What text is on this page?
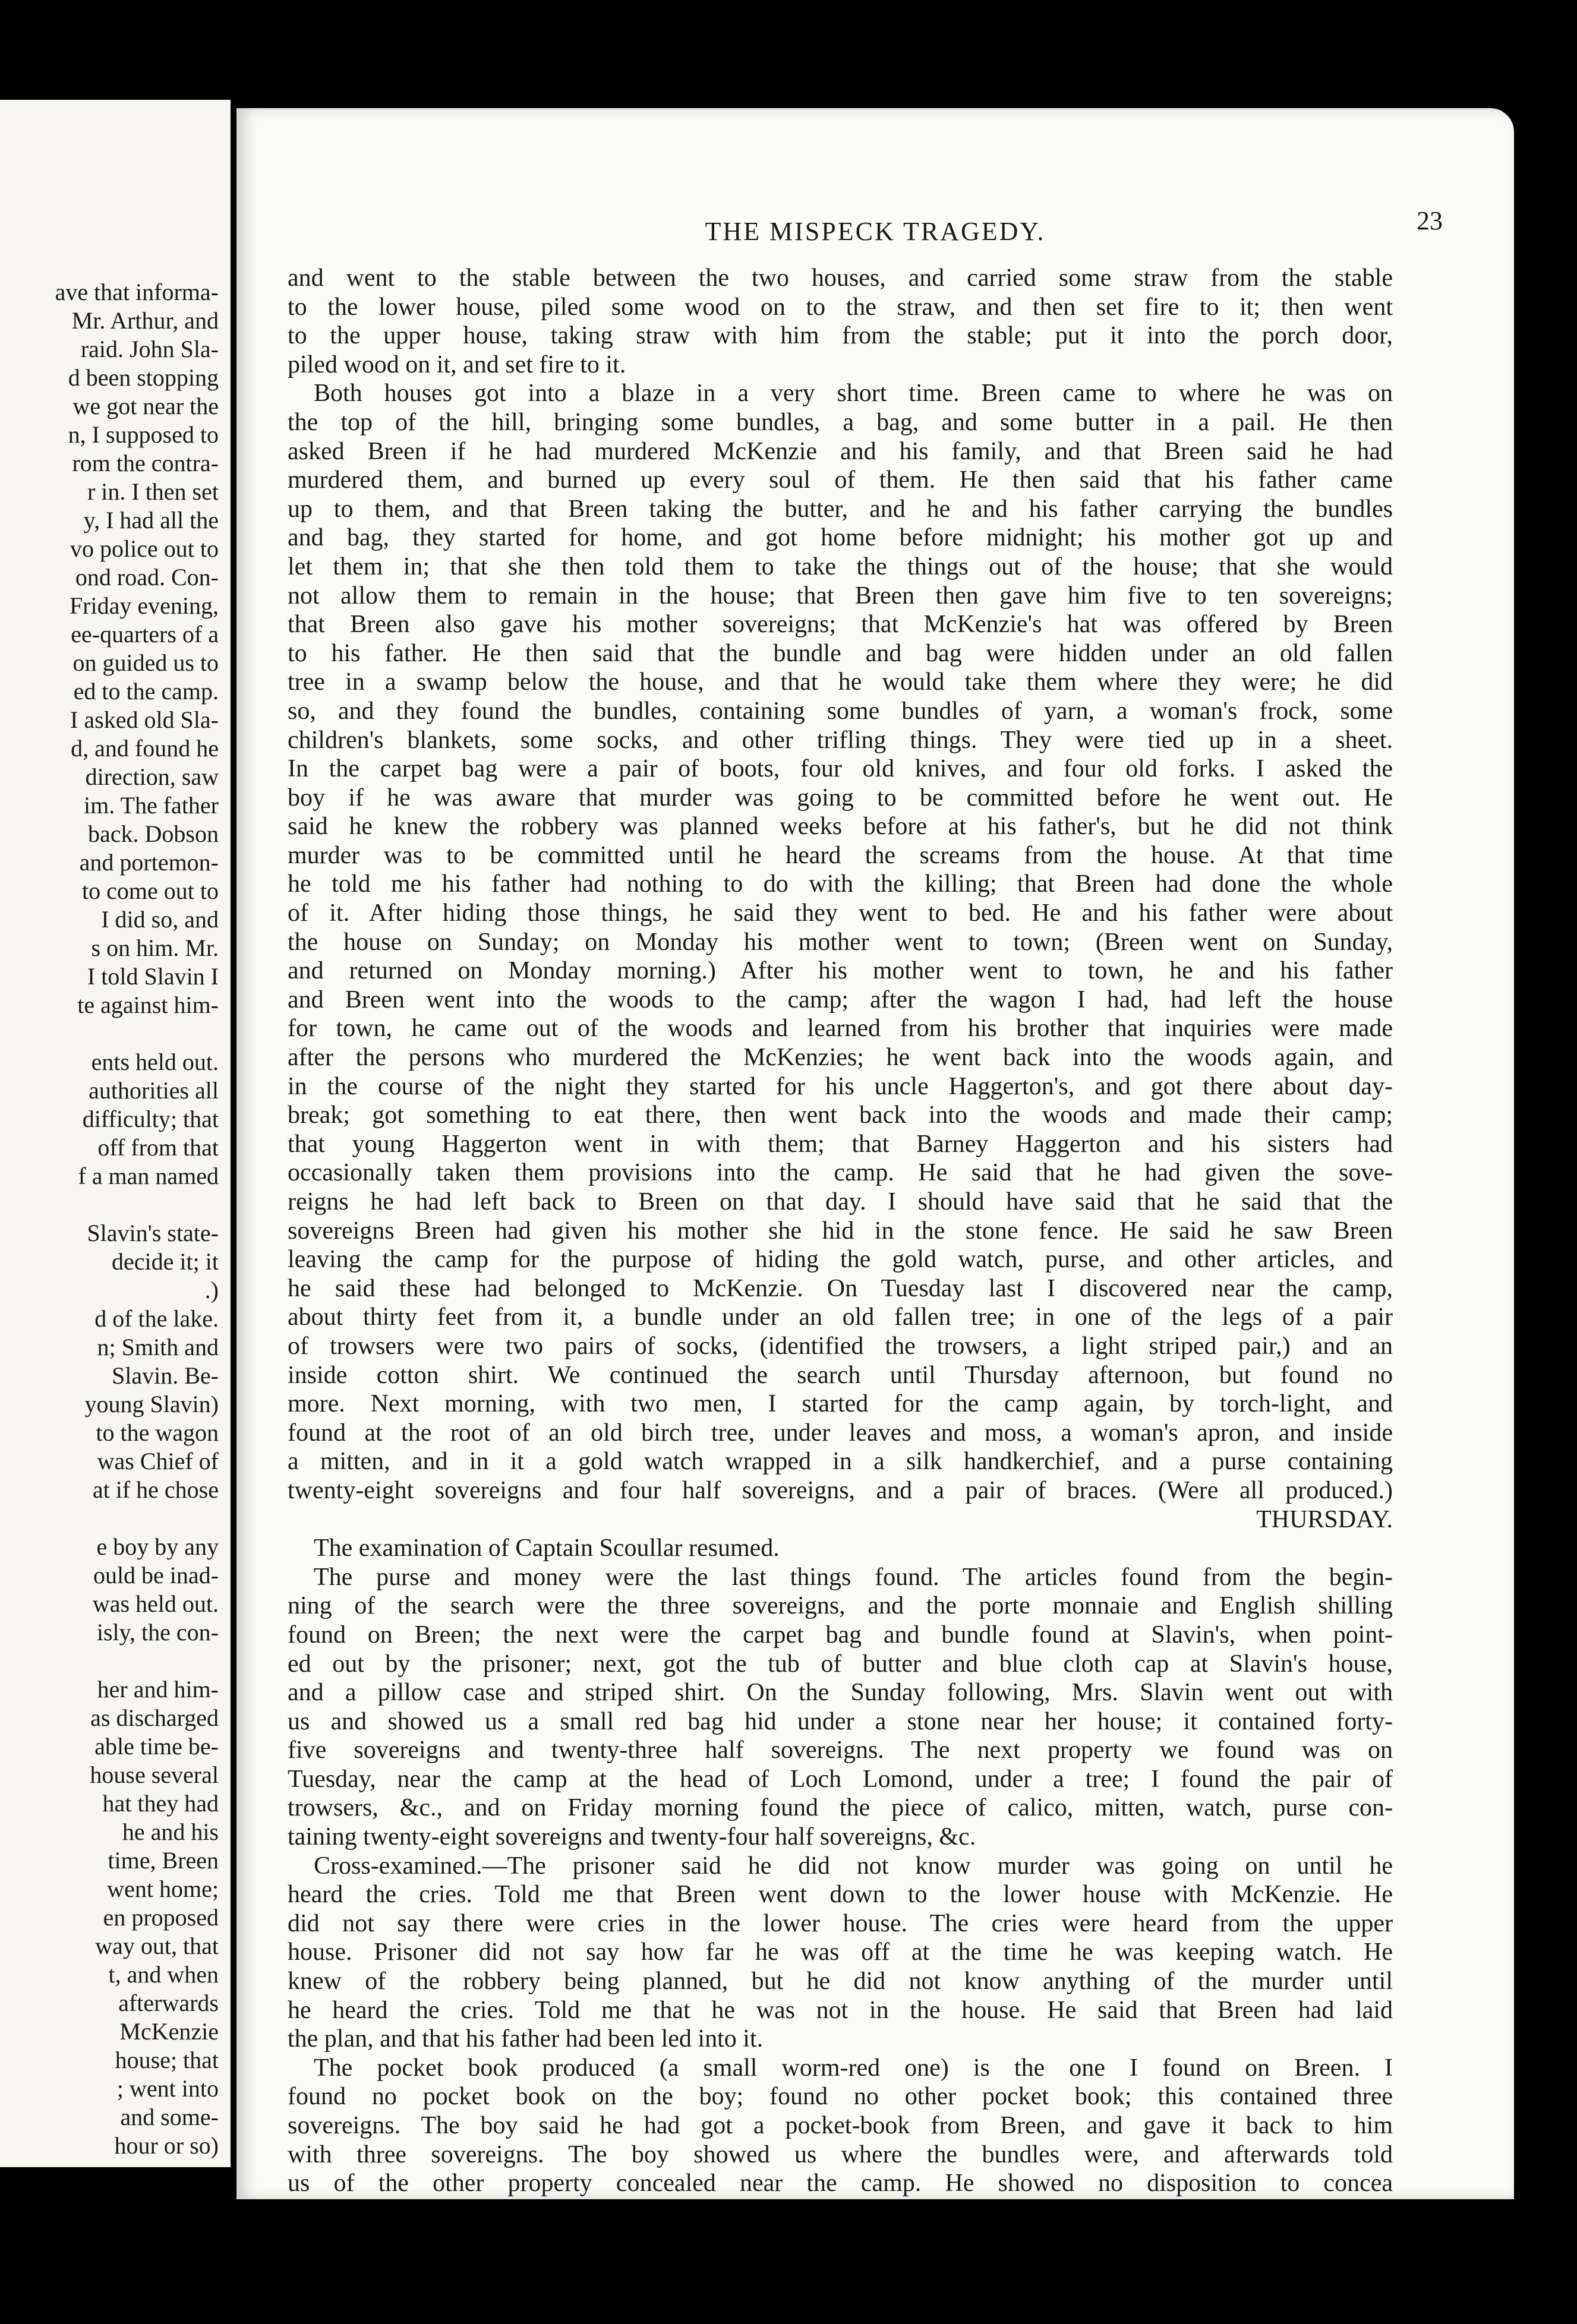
ave that informa-
Mr. Arthur, and
raid. John Sla-
d been stopping
we got near the
n, I supposed to
rom the contra-
r in. I then set
y, I had all the
vo police out to
ond road. Con-
Friday evening,
ee-quarters of a
on guided us to
ed to the camp.
I asked old Sla-
d, and found he
direction, saw
im. The father
back. Dobson
and portemon-
to come out to
I did so, and
s on him. Mr.
I told Slavin I
te against him-
ents held out.
authorities all
difficulty; that
off from that
f a man named
Slavin's state-
decide it; it
.)
d of the lake.
n; Smith and
Slavin. Be-
young Slavin)
to the wagon
was Chief of
at if he chose
e boy by any
ould be inad-
was held out.
isly, the con-
her and him-
as discharged
able time be-
house several
hat they had
he and his
time, Breen
went home;
en proposed
way out, that
t, and when
afterwards
McKenzie
house; that
; went into
and some-
hour or so)
THE MISPECK TRAGEDY.	23
and went to the stable between the two houses, and carried some straw from the stable
to the lower house, piled some wood on to the straw, and then set fire to it; then went
to the upper house, taking straw with him from the stable; put it into the porch door,
piled wood on it, and set fire to it.
Both houses got into a blaze in a very short time. Breen came to where he was on
the top of the hill, bringing some bundles, a bag, and some butter in a pail. He then
asked Breen if he had murdered McKenzie and his family, and that Breen said he had
murdered them, and burned up every soul of them. He then said that his father came
up to them, and that Breen taking the butter, and he and his father carrying the bundles
and bag, they started for home, and got home before midnight; his mother got up and
let them in; that she then told them to take the things out of the house; that she would
not allow them to remain in the house; that Breen then gave him five to ten sovereigns;
that Breen also gave his mother sovereigns; that McKenzie's hat was offered by Breen
to his father. He then said that the bundle and bag were hidden under an old fallen
tree in a swamp below the house, and that he would take them where they were; he did
so, and they found the bundles, containing some bundles of yarn, a woman's frock, some
children's blankets, some socks, and other trifling things. They were tied up in a sheet.
In the carpet bag were a pair of boots, four old knives, and four old forks. I asked the
boy if he was aware that murder was going to be committed before he went out. He
said he knew the robbery was planned weeks before at his father's, but he did not think
murder was to be committed until he heard the screams from the house. At that time
he told me his father had nothing to do with the killing; that Breen had done the whole
of it. After hiding those things, he said they went to bed. He and his father were about
the house on Sunday; on Monday his mother went to town; (Breen went on Sunday,
and returned on Monday morning.) After his mother went to town, he and his father
and Breen went into the woods to the camp; after the wagon I had, had left the house
for town, he came out of the woods and learned from his brother that inquiries were made
after the persons who murdered the McKenzies; he went back into the woods again, and
in the course of the night they started for his uncle Haggerton's, and got there about day-
break; got something to eat there, then went back into the woods and made their camp;
that young Haggerton went in with them; that Barney Haggerton and his sisters had
occasionally taken them provisions into the camp. He said that he had given the sove-
reigns he had left back to Breen on that day. I should have said that he said that the
sovereigns Breen had given his mother she hid in the stone fence. He said he saw Breen
leaving the camp for the purpose of hiding the gold watch, purse, and other articles, and
he said these had belonged to McKenzie. On Tuesday last I discovered near the camp,
about thirty feet from it, a bundle under an old fallen tree; in one of the legs of a pair
of trowsers were two pairs of socks, (identified the trowsers, a light striped pair,) and an
inside cotton shirt. We continued the search until Thursday afternoon, but found no
more. Next morning, with two men, I started for the camp again, by torch-light, and
found at the root of an old birch tree, under leaves and moss, a woman's apron, and inside
a mitten, and in it a gold watch wrapped in a silk handkerchief, and a purse containing
twenty-eight sovereigns and four half sovereigns, and a pair of braces. (Were all produced.)
THURSDAY.
The examination of Captain Scoullar resumed.
The purse and money were the last things found. The articles found from the begin-
ning of the search were the three sovereigns, and the porte monnaie and English shilling
found on Breen; the next were the carpet bag and bundle found at Slavin's, when point-
ed out by the prisoner; next, got the tub of butter and blue cloth cap at Slavin's house,
and a pillow case and striped shirt. On the Sunday following, Mrs. Slavin went out with
us and showed us a small red bag hid under a stone near her house; it contained forty-
five sovereigns and twenty-three half sovereigns. The next property we found was on
Tuesday, near the camp at the head of Loch Lomond, under a tree; I found the pair of
trowsers, &c., and on Friday morning found the piece of calico, mitten, watch, purse con-
taining twenty-eight sovereigns and twenty-four half sovereigns, &c.
Cross-examined.—The prisoner said he did not know murder was going on until he
heard the cries. Told me that Breen went down to the lower house with McKenzie. He
did not say there were cries in the lower house. The cries were heard from the upper
house. Prisoner did not say how far he was off at the time he was keeping watch. He
knew of the robbery being planned, but he did not know anything of the murder until
he heard the cries. Told me that he was not in the house. He said that Breen had laid
the plan, and that his father had been led into it.
The pocket book produced (a small worm-red one) is the one I found on Breen. I
found no pocket book on the boy; found no other pocket book; this contained three
sovereigns. The boy said he had got a pocket-book from Breen, and gave it back to him
with three sovereigns. The boy showed us where the bundles were, and afterwards told
us of the other property concealed near the camp. He showed no disposition to concea
